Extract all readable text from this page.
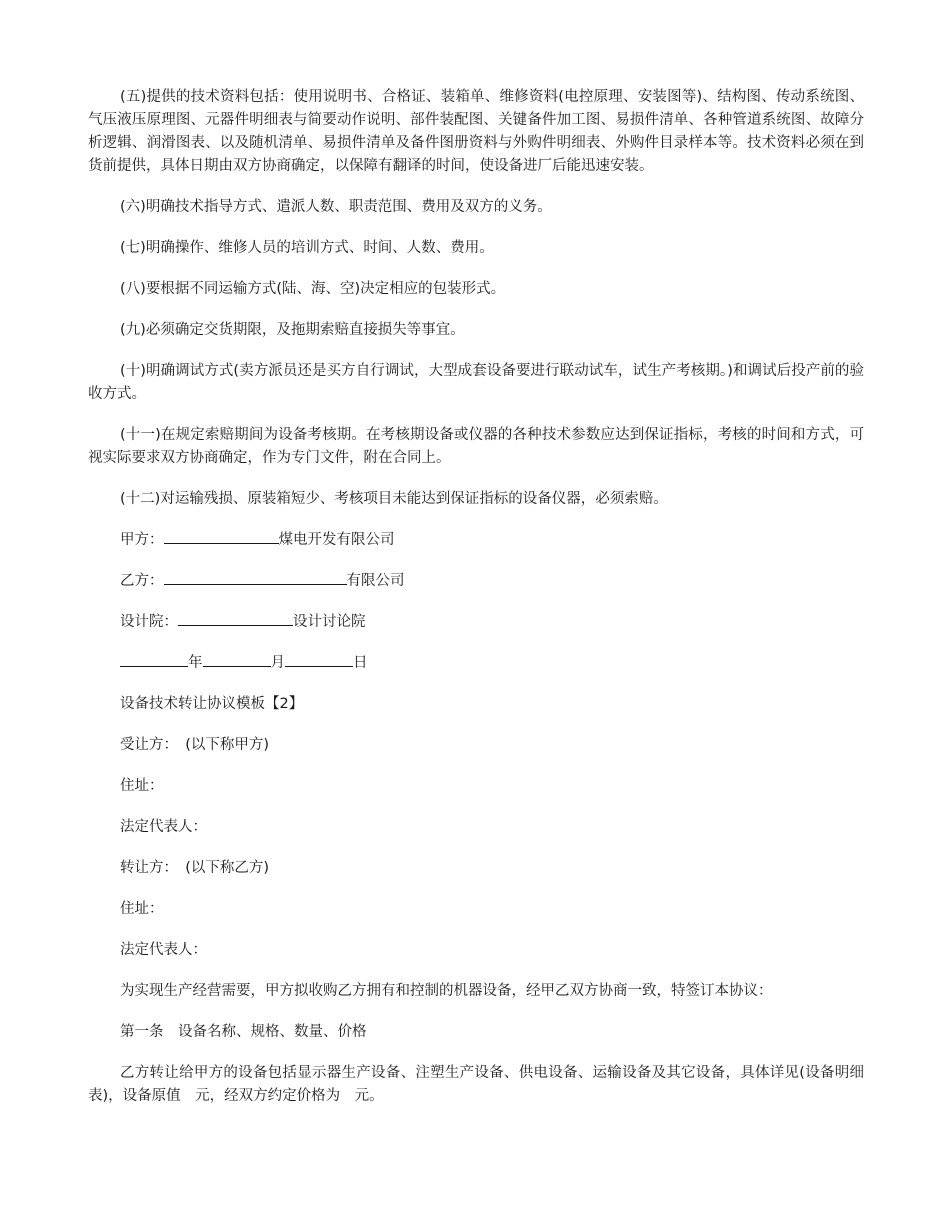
(五)提供的技术资料包括：使用说明书、合格证、装箱单、维修资料(电控原理、安装图等)、结构图、传动系统图、气压液压原理图、元器件明细表与简要动作说明、部件装配图、关键备件加工图、易损件清单、各种管道系统图、故障分析逻辑、润滑图表、以及随机清单、易损件清单及备件图册资料与外购件明细表、外购件目录样本等。技术资料必须在到货前提供，具体日期由双方协商确定，以保障有翻译的时间，使设备进厂后能迅速安装。

(六)明确技术指导方式、遣派人数、职责范围、费用及双方的义务。

(七)明确操作、维修人员的培训方式、时间、人数、费用。

(八)要根据不同运输方式(陆、海、空)决定相应的包装形式。

(九)必须确定交货期限，及拖期索赔直接损失等事宜。

(十)明确调试方式(卖方派员还是买方自行调试，大型成套设备要进行联动试车，试生产考核期。)和调试后投产前的验收方式。

(十一)在规定索赔期间为设备考核期。在考核期设备或仪器的各种技术参数应达到保证指标，考核的时间和方式，可视实际要求双方协商确定，作为专门文件，附在合同上。

(十二)对运输残损、原装箱短少、考核项目未能达到保证指标的设备仪器，必须索赔。

甲方：	煤电开发有限公司
乙方：	有限公司
设计院：	设计讨论院
年	月	日
设备技术转让协议模板【2】
受让方：　(以下称甲方)
住址：
法定代表人：
转让方：　(以下称乙方)
住址：
法定代表人：
为实现生产经营需要，甲方拟收购乙方拥有和控制的机器设备，经甲乙双方协商一致，特签订本协议：
第一条　设备名称、规格、数量、价格

乙方转让给甲方的设备包括显示器生产设备、注塑生产设备、供电设备、运输设备及其它设备，具体详见(设备明细表)，设备原值　元，经双方约定价格为　元。
